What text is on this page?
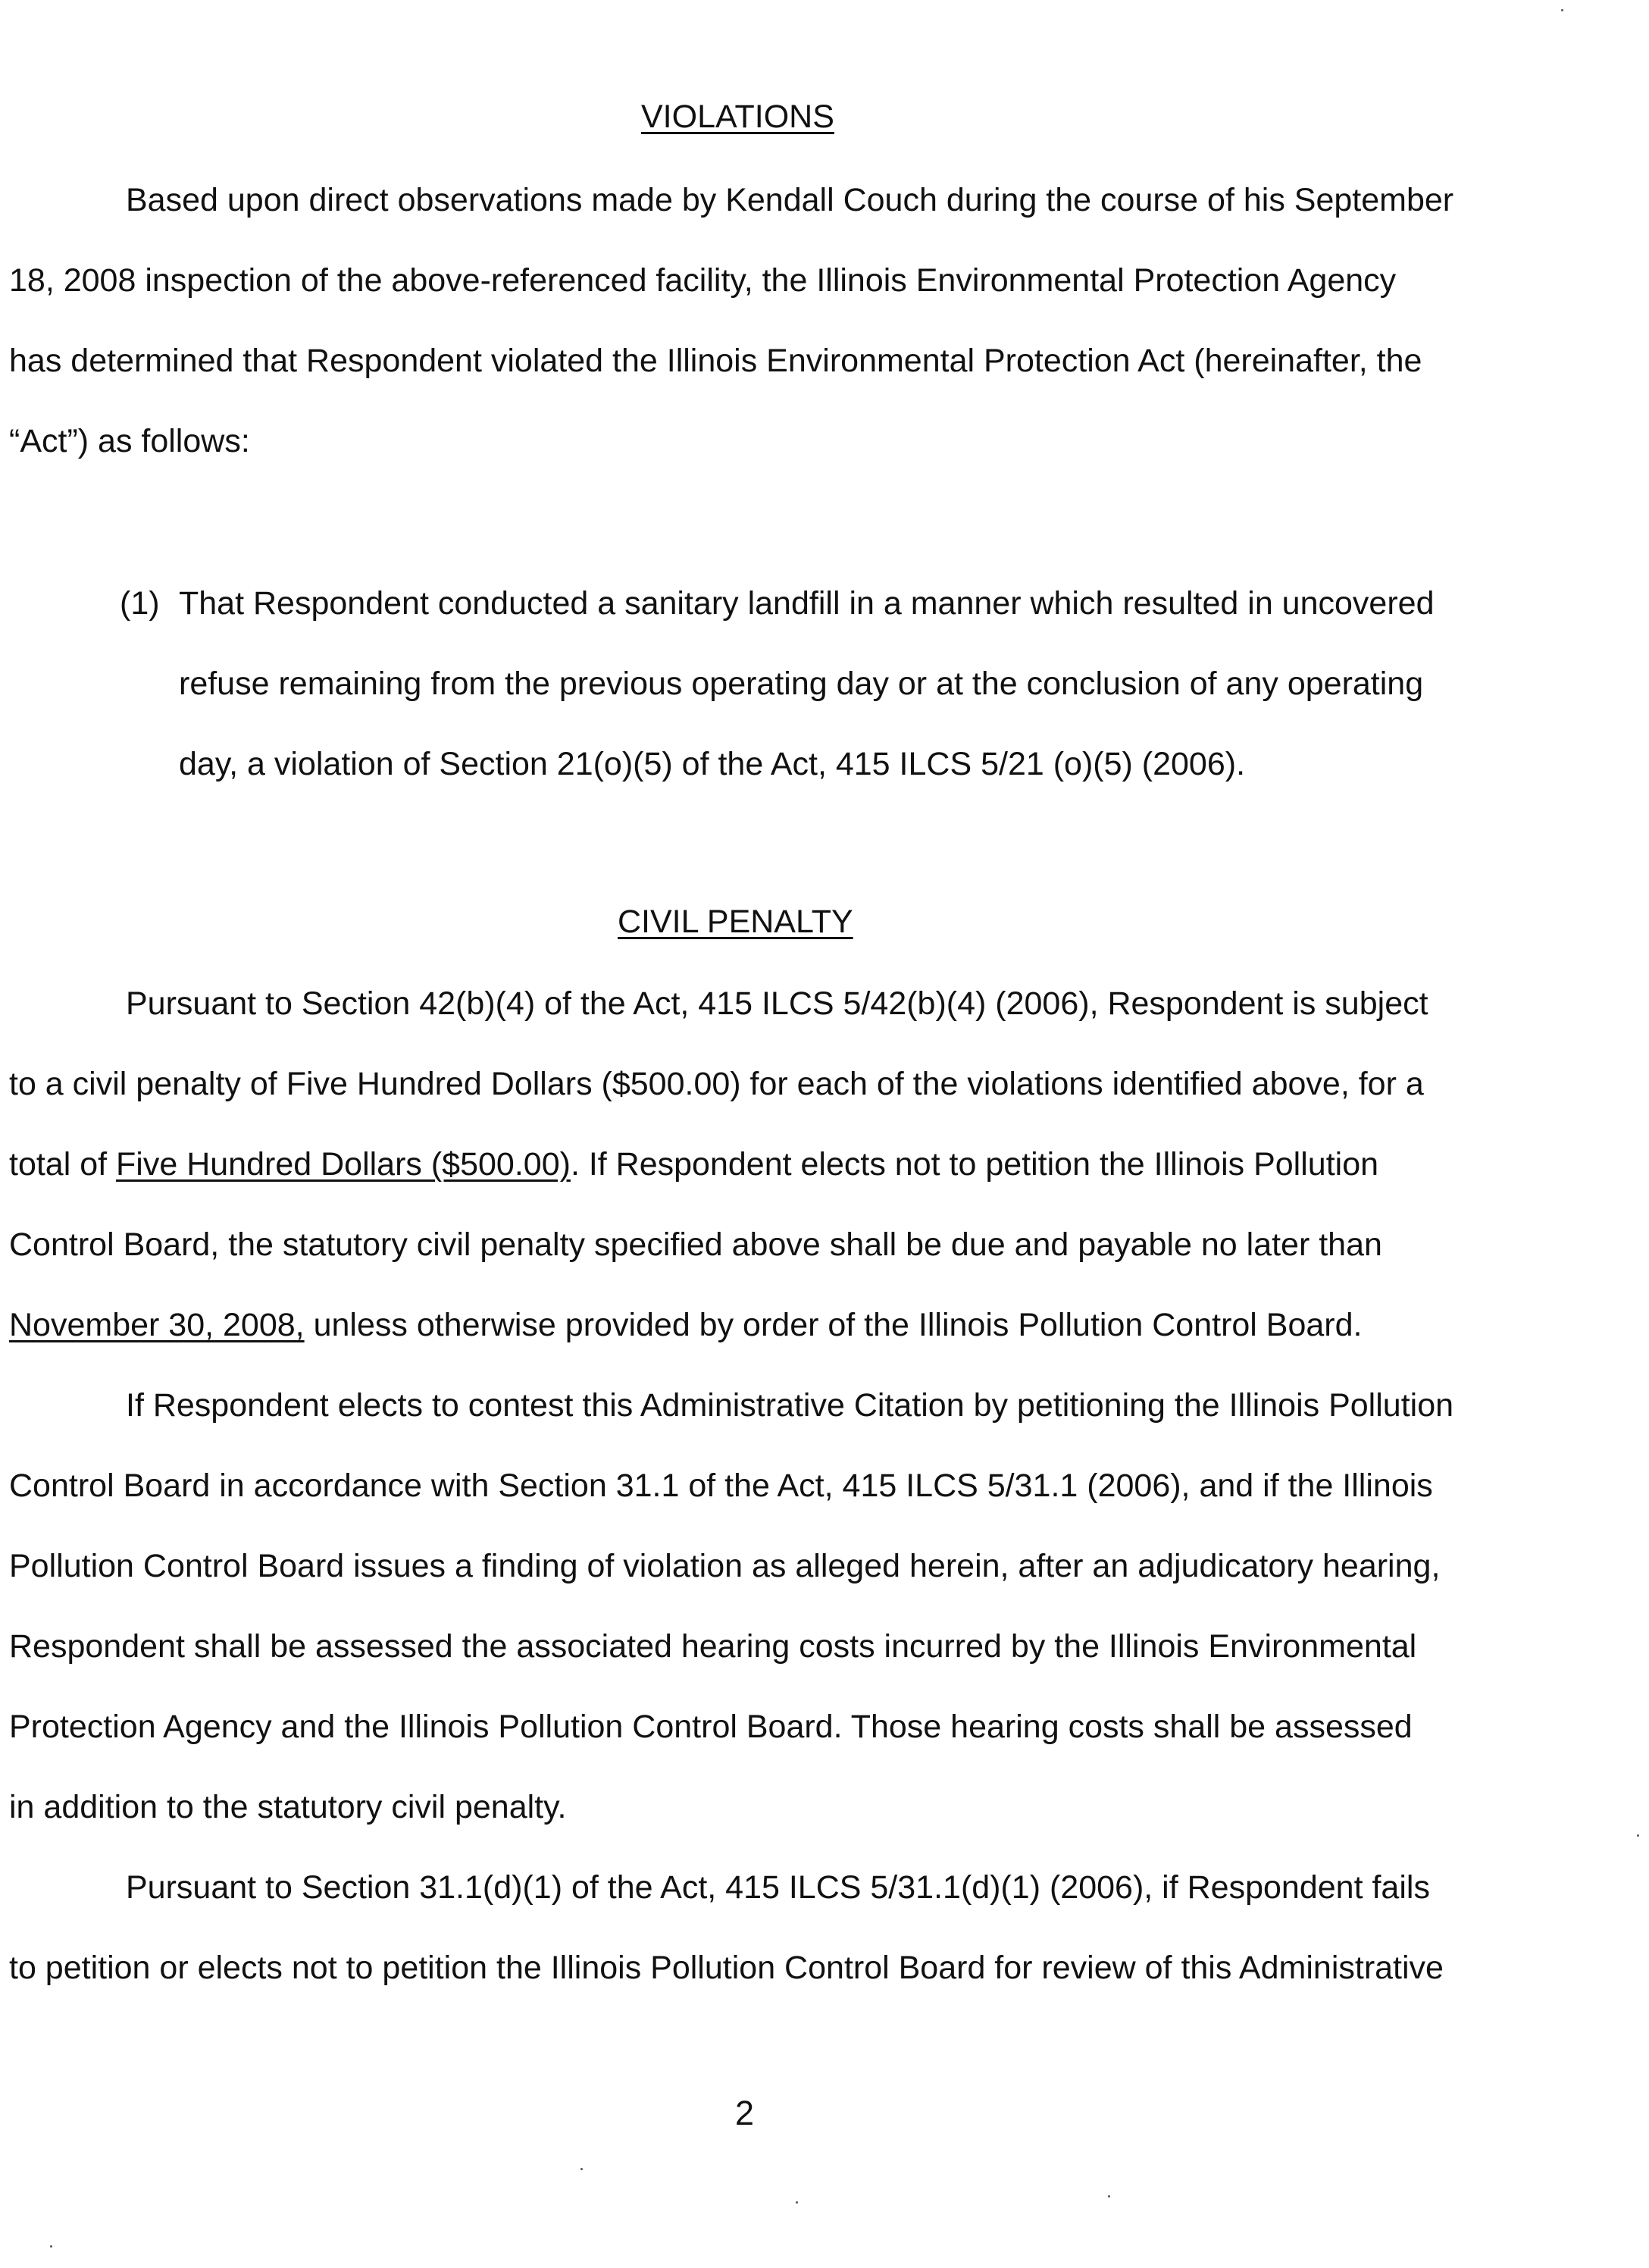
VIOLATIONS
Based upon direct observations made by Kendall Couch during the course of his September
18, 2008 inspection of the above-referenced facility, the Illinois Environmental Protection Agency
has determined that Respondent violated the Illinois Environmental Protection Act (hereinafter, the
“Act”) as follows:
(1) That Respondent conducted a sanitary landfill in a manner which resulted in uncovered
refuse remaining from the previous operating day or at the conclusion of any operating
day, a violation of Section 21(o)(5) of the Act, 415 ILCS 5/21 (o)(5) (2006).
CIVIL PENALTY
Pursuant to Section 42(b)(4) of the Act, 415 ILCS 5/42(b)(4) (2006), Respondent is subject
to a civil penalty of Five Hundred Dollars ($500.00) for each of the violations identified above, for a
total of Five Hundred Dollars ($500.00). If Respondent elects not to petition the Illinois Pollution
Control Board, the statutory civil penalty specified above shall be due and payable no later than
November 30, 2008, unless otherwise provided by order of the Illinois Pollution Control Board.
If Respondent elects to contest this Administrative Citation by petitioning the Illinois Pollution
Control Board in accordance with Section 31.1 of the Act, 415 ILCS 5/31.1 (2006), and if the Illinois
Pollution Control Board issues a finding of violation as alleged herein, after an adjudicatory hearing,
Respondent shall be assessed the associated hearing costs incurred by the Illinois Environmental
Protection Agency and the Illinois Pollution Control Board. Those hearing costs shall be assessed
in addition to the statutory civil penalty.
Pursuant to Section 31.1(d)(1) of the Act, 415 ILCS 5/31.1(d)(1) (2006), if Respondent fails
to petition or elects not to petition the Illinois Pollution Control Board for review of this Administrative
2
